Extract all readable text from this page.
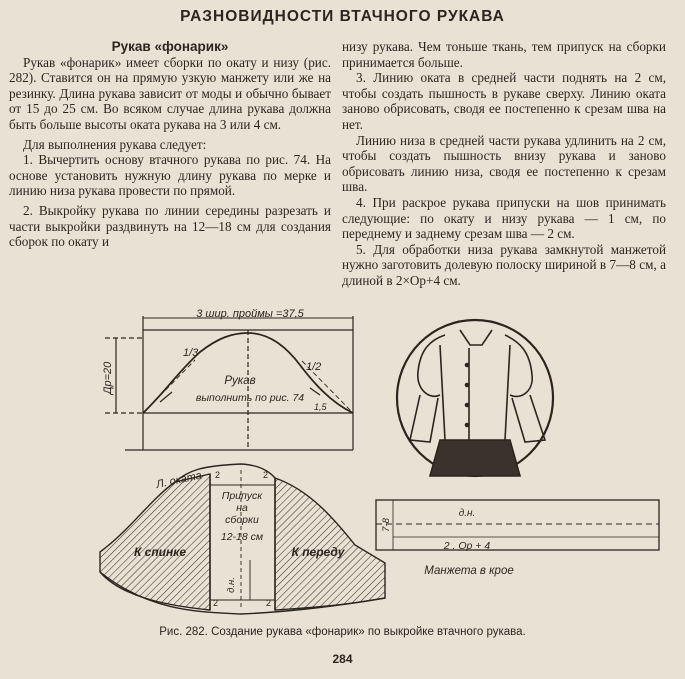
РАЗНОВИДНОСТИ ВТАЧНОГО РУКАВА

Рукав «фонарик»

Рукав «фонарик» имеет сборки по окату и низу (рис. 282). Ставится он на прямую узкую манжету или же на резинку. Длина рукава зависит от моды и обычно бывает от 15 до 25 см. Во всяком случае длина рукава должна быть больше высоты оката рукава на 3 или 4 см.

Для выполнения рукава следует:

1. Вычертить основу втачного рукава по рис. 74. На основе установить нужную длину рукава по мерке и линию низа рукава провести по прямой.

2. Выкройку рукава по линии середины разрезать и части выкройки раздвинуть на 12—18 см для создания сборок по окату и

низу рукава. Чем тоньше ткань, тем припуск на сборки принимается больше.

3. Линию оката в средней части поднять на 2 см, чтобы создать пышность в рукаве сверху. Линию оката заново обрисовать, сводя ее постепенно к срезам шва на нет.

Линию низа в средней части рукава удлинить на 2 см, чтобы создать пышность внизу рукава и заново обрисовать линию низа, сводя ее постепенно к срезам шва.

4. При раскрое рукава припуски на шов принимать следующие: по окату и низу рукава — 1 см, по переднему и заднему срезам шва — 2 см.

5. Для обработки низа рукава замкнутой манжетой нужно заготовить долевую полоску шириной в 7—8 см, а длиной в 2×Ор+4 см.

3 шир. проймы =37,5
Др=20
1/3
1/2
Рукав
выполнить по рис. 74
1,5
Л. оката
К спинке	К переду
Припуск
на
сборки
12-18 см
д.н.
2	2
2	2
д.н.
2 . Ор + 4
7-8
Манжета в крое
Рис. 282. Создание рукава «фонарик» по выкройке втачного рукава.
284
